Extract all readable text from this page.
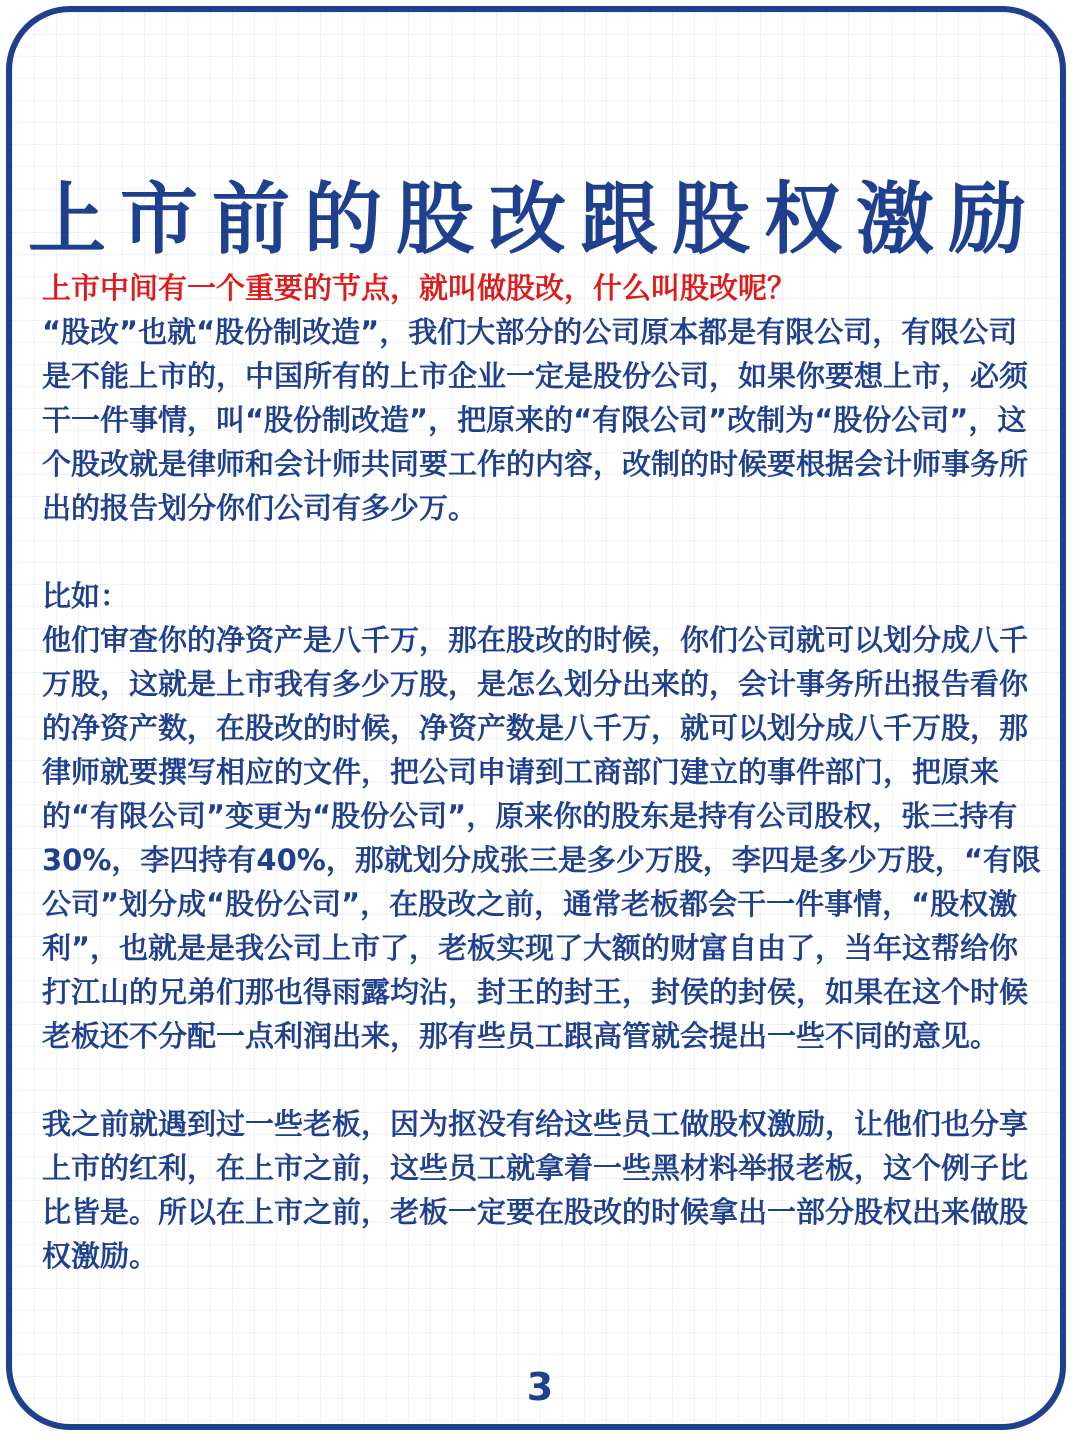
上市前的股改跟股权激励

上市中间有一个重要的节点，就叫做股改，什么叫股改呢？

“股改”也就“股份制改造”，我们大部分的公司原本都是有限公司，有限公司是不能上市的，中国所有的上市企业一定是股份公司，如果你要想上市，必须干一件事情，叫“股份制改造”，把原来的“有限公司”改制为“股份公司”，这个股改就是律师和会计师共同要工作的内容，改制的时候要根据会计师事务所出的报告划分你们公司有多少万。

比如：

他们审查你的净资产是八千万，那在股改的时候，你们公司就可以划分成八千万股，这就是上市我有多少万股，是怎么划分出来的，会计事务所出报告看你的净资产数，在股改的时候，净资产数是八千万，就可以划分成八千万股，那律师就要撰写相应的文件，把公司申请到工商部门建立的事件部门，把原来的“有限公司”变更为“股份公司”，原来你的股东是持有公司股权，张三持有30%，李四持有40%，那就划分成张三是多少万股，李四是多少万股，“有限公司”划分成“股份公司”，在股改之前，通常老板都会干一件事情，“股权激利”，也就是是我公司上市了，老板实现了大额的财富自由了，当年这帮给你打江山的兄弟们那也得雨露均沾，封王的封王，封侯的封侯，如果在这个时候老板还不分配一点利润出来，那有些员工跟高管就会提出一些不同的意见。

我之前就遇到过一些老板，因为抠没有给这些员工做股权激励，让他们也分享上市的红利，在上市之前，这些员工就拿着一些黑材料举报老板，这个例子比比皆是。所以在上市之前，老板一定要在股改的时候拿出一部分股权出来做股权激励。

3
